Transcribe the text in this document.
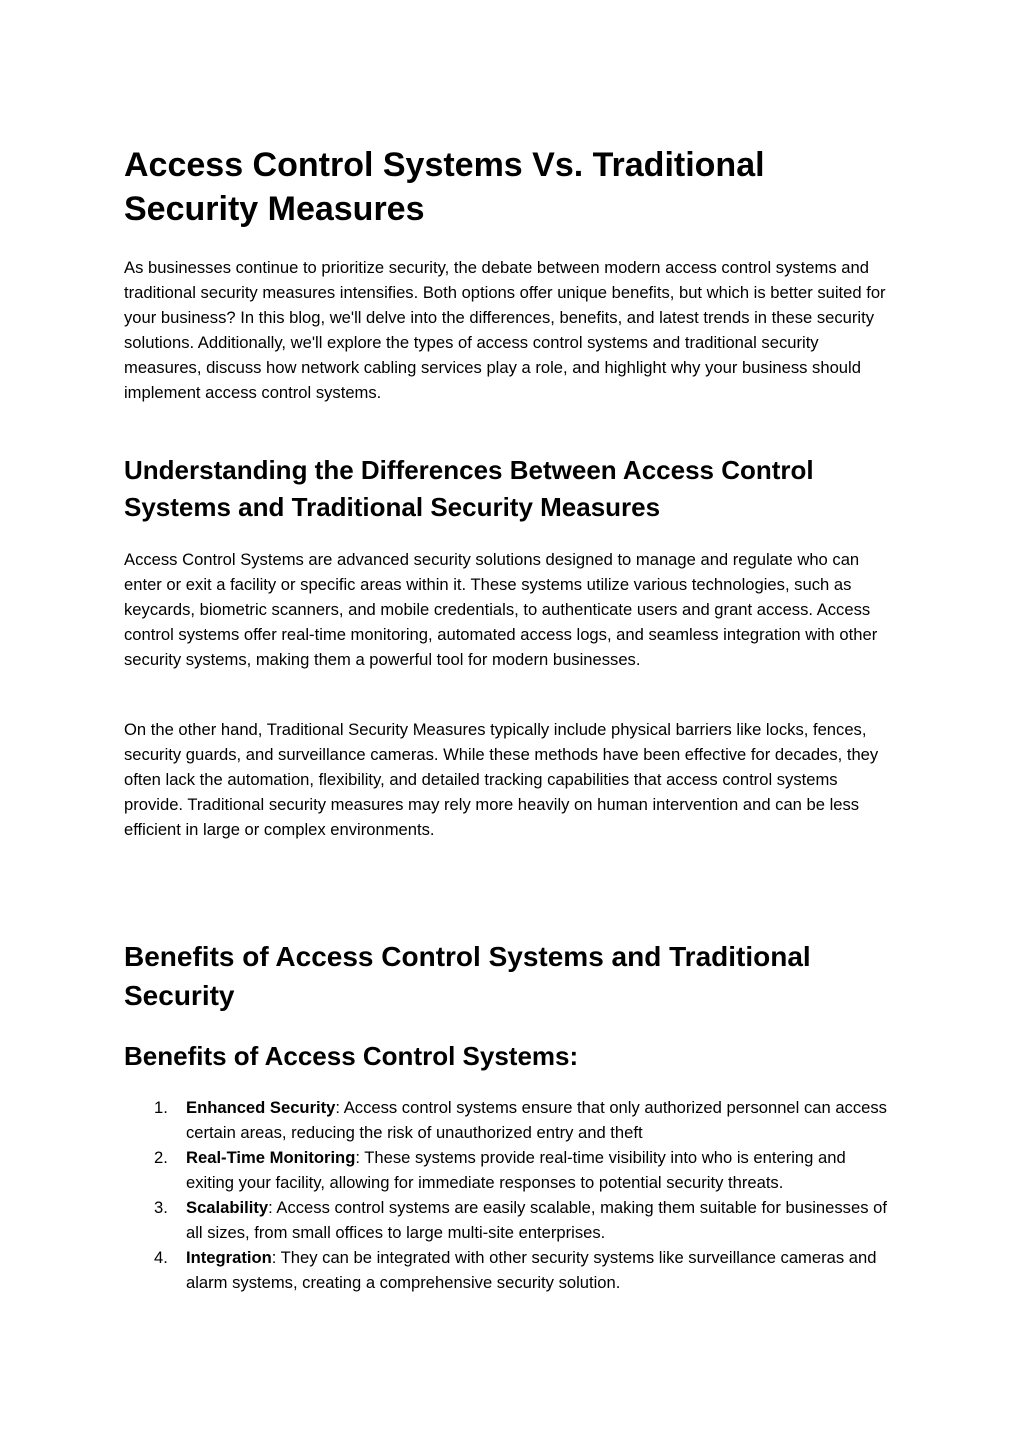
Access Control Systems Vs. Traditional Security Measures

As businesses continue to prioritize security, the debate between modern access control systems and traditional security measures intensifies. Both options offer unique benefits, but which is better suited for your business? In this blog, we'll delve into the differences, benefits, and latest trends in these security solutions. Additionally, we'll explore the types of access control systems and traditional security measures, discuss how network cabling services play a role, and highlight why your business should implement access control systems.

Understanding the Differences Between Access Control Systems and Traditional Security Measures

Access Control Systems are advanced security solutions designed to manage and regulate who can enter or exit a facility or specific areas within it. These systems utilize various technologies, such as keycards, biometric scanners, and mobile credentials, to authenticate users and grant access. Access control systems offer real-time monitoring, automated access logs, and seamless integration with other security systems, making them a powerful tool for modern businesses.

On the other hand, Traditional Security Measures typically include physical barriers like locks, fences, security guards, and surveillance cameras. While these methods have been effective for decades, they often lack the automation, flexibility, and detailed tracking capabilities that access control systems provide. Traditional security measures may rely more heavily on human intervention and can be less efficient in large or complex environments.

Benefits of Access Control Systems and Traditional Security
Benefits of Access Control Systems:
1. Enhanced Security: Access control systems ensure that only authorized personnel can access certain areas, reducing the risk of unauthorized entry and theft
2. Real-Time Monitoring: These systems provide real-time visibility into who is entering and exiting your facility, allowing for immediate responses to potential security threats.
3. Scalability: Access control systems are easily scalable, making them suitable for businesses of all sizes, from small offices to large multi-site enterprises.
4. Integration: They can be integrated with other security systems like surveillance cameras and alarm systems, creating a comprehensive security solution.
